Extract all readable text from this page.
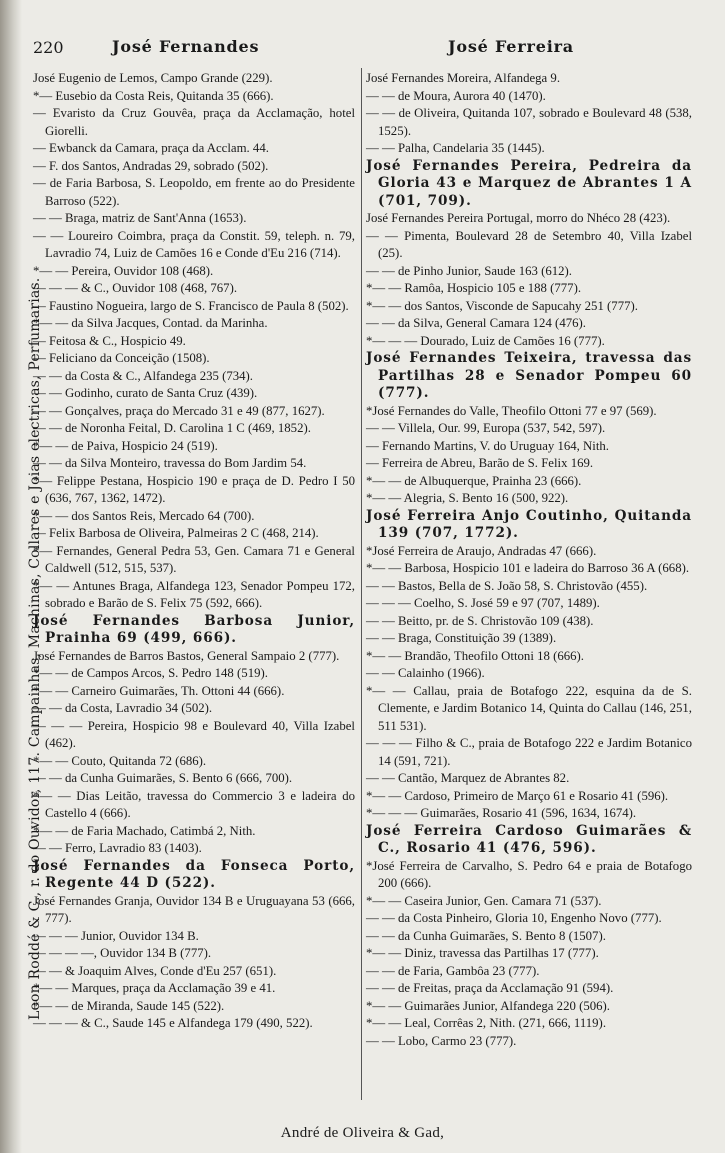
Leon Roddé & C., r. do Ouvidor, 117. Campainhas, Machinas, Collares e Joias electricas, Perfumarias.
220	José Fernandes	José Ferreira

José Eugenio de Lemos, Campo Grande (229).

*— Eusebio da Costa Reis, Quitanda 35 (666).

— Evaristo da Cruz Gouvêa, praça da Acclamação, hotel Giorelli.

— Ewbanck da Camara, praça da Acclam. 44.

— F. dos Santos, Andradas 29, sobrado (502).

— de Faria Barbosa, S. Leopoldo, em frente ao do Presidente Barroso (522).

— — Braga, matriz de Sant'Anna (1653).

— — Loureiro Coimbra, praça da Constit. 59, teleph. n. 79, Lavradio 74, Luiz de Camões 16 e Conde d'Eu 216 (714).

*— — Pereira, Ouvidor 108 (468).

— — — & C., Ouvidor 108 (468, 767).

— Faustino Nogueira, largo de S. Francisco de Paula 8 (502).

*— — da Silva Jacques, Contad. da Marinha.

— Feitosa & C., Hospicio 49.

— Feliciano da Conceição (1508).

— — da Costa & C., Alfandega 235 (734).

— — Godinho, curato de Santa Cruz (439).

— — Gonçalves, praça do Mercado 31 e 49 (877, 1627).

— — de Noronha Feital, D. Carolina 1 C (469, 1852).

*— — de Paiva, Hospicio 24 (519).

— — da Silva Monteiro, travessa do Bom Jardim 54.

*— Felippe Pestana, Hospicio 190 e praça de D. Pedro I 50 (636, 767, 1362, 1472).

*— — dos Santos Reis, Mercado 64 (700).

— Felix Barbosa de Oliveira, Palmeiras 2 C (468, 214).

*— Fernandes, General Pedra 53, Gen. Camara 71 e General Caldwell (512, 515, 537).

*— — Antunes Braga, Alfandega 123, Senador Pompeu 172, sobrado e Barão de S. Felix 75 (592, 666).

José Fernandes Barbosa Junior, Prainha 69 (499, 666).

José Fernandes de Barros Bastos, General Sampaio 2 (777).

*— — de Campos Arcos, S. Pedro 148 (519).

*— — Carneiro Guimarães, Th. Ottoni 44 (666).

— — da Costa, Lavradio 34 (502).

— — — Pereira, Hospicio 98 e Boulevard 40, Villa Izabel (462).

*— — Couto, Quitanda 72 (686).

— — da Cunha Guimarães, S. Bento 6 (666, 700).

*— — Dias Leitão, travessa do Commercio 3 e ladeira do Castello 4 (666).

*— — de Faria Machado, Catimbá 2, Nith.

— — Ferro, Lavradio 83 (1403).

José Fernandes da Fonseca Porto, Regente 44 D (522).

José Fernandes Granja, Ouvidor 134 B e Uruguayana 53 (666, 777).

— — — Junior, Ouvidor 134 B.

— — — —, Ouvidor 134 B (777).

— — & Joaquim Alves, Conde d'Eu 257 (651).

*— — Marques, praça da Acclamação 39 e 41.

*— — de Miranda, Saude 145 (522).

— — — & C., Saude 145 e Alfandega 179 (490, 522).

José Fernandes Moreira, Alfandega 9.

— — de Moura, Aurora 40 (1470).

— — de Oliveira, Quitanda 107, sobrado e Boulevard 48 (538, 1525).

— — Palha, Candelaria 35 (1445).

José Fernandes Pereira, Pedreira da Gloria 43 e Marquez de Abrantes 1 A (701, 709).

José Fernandes Pereira Portugal, morro do Nhéco 28 (423).

— — Pimenta, Boulevard 28 de Setembro 40, Villa Izabel (25).

— — de Pinho Junior, Saude 163 (612).

*— — Ramôa, Hospicio 105 e 188 (777).

*— — dos Santos, Visconde de Sapucahy 251 (777).

— — da Silva, General Camara 124 (476).

*— — — Dourado, Luiz de Camões 16 (777).

José Fernandes Teixeira, travessa das Partilhas 28 e Senador Pompeu 60 (777).

*José Fernandes do Valle, Theofilo Ottoni 77 e 97 (569).

— — Villela, Our. 99, Europa (537, 542, 597).

— Fernando Martins, V. do Uruguay 164, Nith.

— Ferreira de Abreu, Barão de S. Felix 169.

*— — de Albuquerque, Prainha 23 (666).

*— — Alegria, S. Bento 16 (500, 922).

José Ferreira Anjo Coutinho, Quitanda 139 (707, 1772).

*José Ferreira de Araujo, Andradas 47 (666).

*— — Barbosa, Hospicio 101 e ladeira do Barroso 36 A (668).

— — Bastos, Bella de S. João 58, S. Christovão (455).

— — — Coelho, S. José 59 e 97 (707, 1489).

— — Beitto, pr. de S. Christovão 109 (438).

— — Braga, Constituição 39 (1389).

*— — Brandão, Theofilo Ottoni 18 (666).

— — Calainho (1966).

*— — Callau, praia de Botafogo 222, esquina da de S. Clemente, e Jardim Botanico 14, Quinta do Callau (146, 251, 511 531).

— — — Filho & C., praia de Botafogo 222 e Jardim Botanico 14 (591, 721).

— — Cantão, Marquez de Abrantes 82.

*— — Cardoso, Primeiro de Março 61 e Rosario 41 (596).

*— — — Guimarães, Rosario 41 (596, 1634, 1674).

José Ferreira Cardoso Guimarães & C., Rosario 41 (476, 596).

*José Ferreira de Carvalho, S. Pedro 64 e praia de Botafogo 200 (666).

*— — Caseira Junior, Gen. Camara 71 (537).

— — da Costa Pinheiro, Gloria 10, Engenho Novo (777).

— — da Cunha Guimarães, S. Bento 8 (1507).

*— — Diniz, travessa das Partilhas 17 (777).

— — de Faria, Gambôa 23 (777).

— — de Freitas, praça da Acclamação 91 (594).

*— — Guimarães Junior, Alfandega 220 (506).

*— — Leal, Corrêas 2, Nith. (271, 666, 1119).

— — Lobo, Carmo 23 (777).

André de Oliveira & Gad,
